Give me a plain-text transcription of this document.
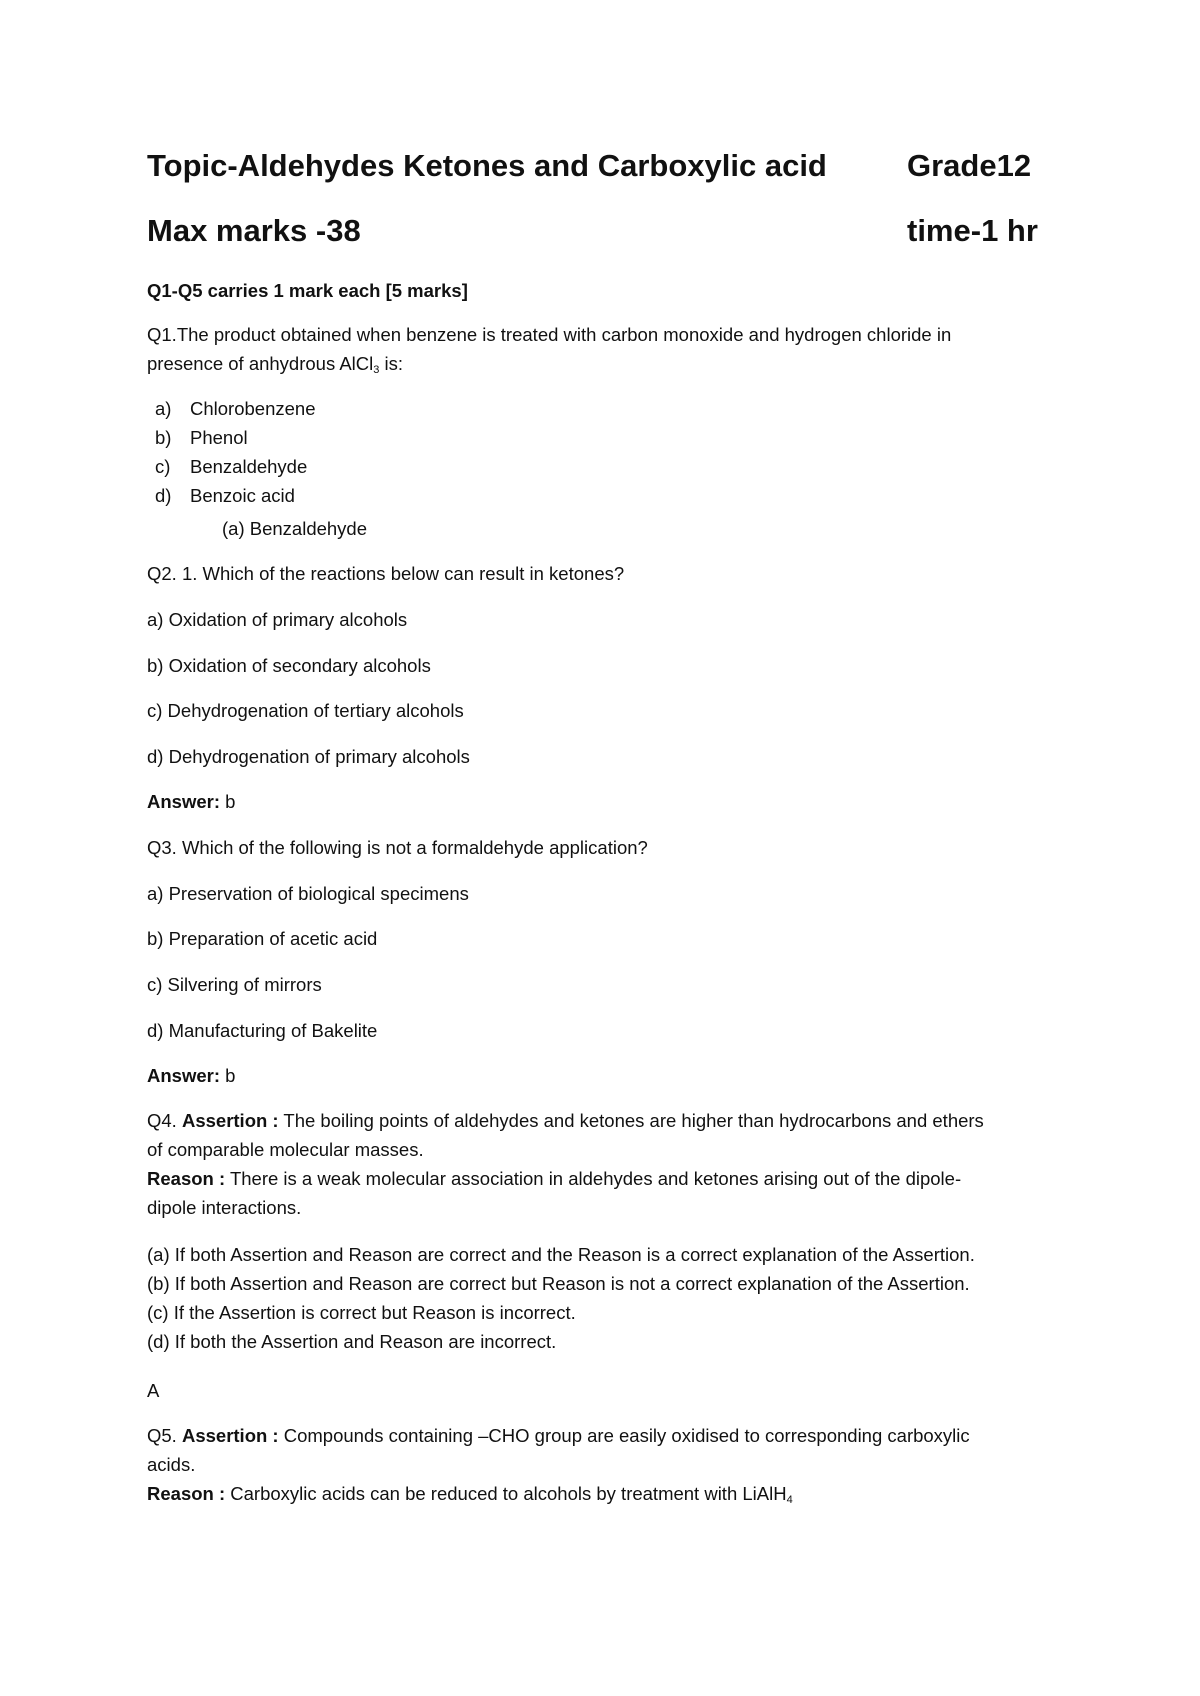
Topic-Aldehydes Ketones and Carboxylic acid	Grade12
Max marks -38	time-1 hr
Q1-Q5 carries 1 mark each [5 marks]
Q1.The product obtained when benzene is treated with carbon monoxide and hydrogen chloride in
presence of anhydrous AlCl$_3$ is:
a) Chlorobenzene
b) Phenol
c) Benzaldehyde
d) Benzoic acid
(a) Benzaldehyde
Q2. 1. Which of the reactions below can result in ketones?
a) Oxidation of primary alcohols
b) Oxidation of secondary alcohols
c) Dehydrogenation of tertiary alcohols
d) Dehydrogenation of primary alcohols
Answer: b
Q3. Which of the following is not a formaldehyde application?
a) Preservation of biological specimens
b) Preparation of acetic acid
c) Silvering of mirrors
d) Manufacturing of Bakelite
Answer: b
Q4. Assertion : The boiling points of aldehydes and ketones are higher than hydrocarbons and ethers
of comparable molecular masses.
Reason : There is a weak molecular association in aldehydes and ketones arising out of the dipole-
dipole interactions.
(a) If both Assertion and Reason are correct and the Reason is a correct explanation of the Assertion.
(b) If both Assertion and Reason are correct but Reason is not a correct explanation of the Assertion.
(c) If the Assertion is correct but Reason is incorrect.
(d) If both the Assertion and Reason are incorrect.
A
Q5. Assertion : Compounds containing –CHO group are easily oxidised to corresponding carboxylic
acids.
Reason : Carboxylic acids can be reduced to alcohols by treatment with LiAlH$_4$
